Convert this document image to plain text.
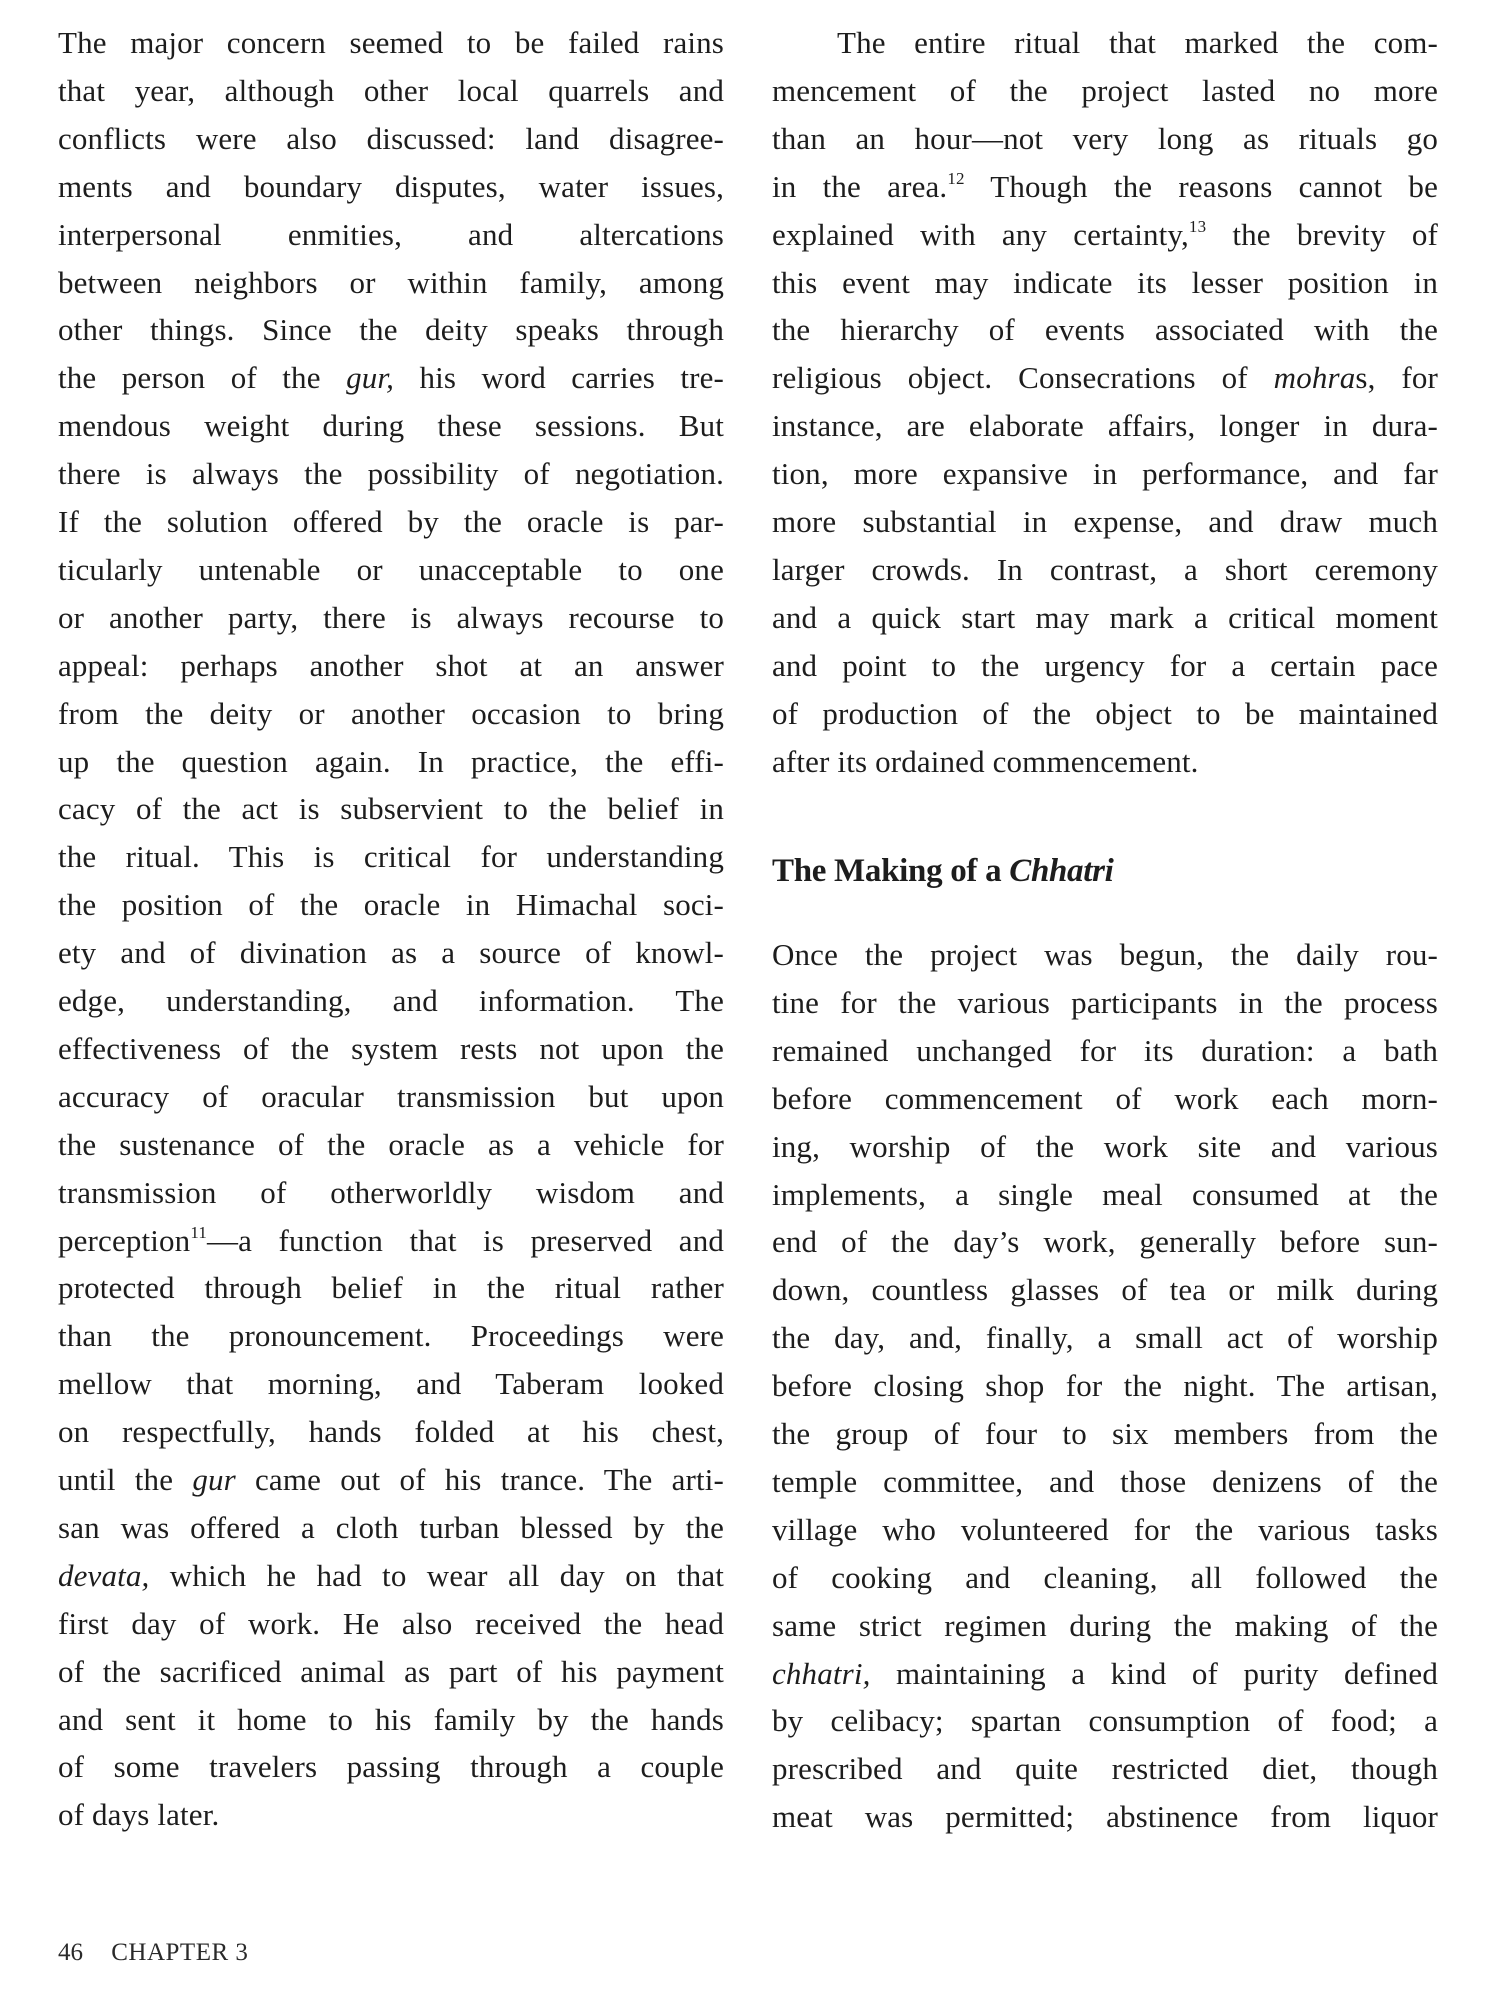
The major concern seemed to be failed rains
that year, although other local quarrels and
conflicts were also discussed: land disagree-
ments and boundary disputes, water issues,
interpersonal enmities, and altercations
between neighbors or within family, among
other things. Since the deity speaks through
the person of the gur, his word carries tre-
mendous weight during these sessions. But
there is always the possibility of negotiation.
If the solution offered by the oracle is par-
ticularly untenable or unacceptable to one
or another party, there is always recourse to
appeal: perhaps another shot at an answer
from the deity or another occasion to bring
up the question again. In practice, the effi-
cacy of the act is subservient to the belief in
the ritual. This is critical for understanding
the position of the oracle in Himachal soci-
ety and of divination as a source of knowl-
edge, understanding, and information. The
effectiveness of the system rests not upon the
accuracy of oracular transmission but upon
the sustenance of the oracle as a vehicle for
transmission of otherworldly wisdom and
perception$^{11}$—a function that is preserved and
protected through belief in the ritual rather
than the pronouncement. Proceedings were
mellow that morning, and Taberam looked
on respectfully, hands folded at his chest,
until the gur came out of his trance. The arti-
san was offered a cloth turban blessed by the
devata, which he had to wear all day on that
first day of work. He also received the head
of the sacrificed animal as part of his payment
and sent it home to his family by the hands
of some travelers passing through a couple
of days later.
The Making of a Chhatri
The entire ritual that marked the com-
mencement of the project lasted no more
than an hour—not very long as rituals go
in the area.$^{12}$ Though the reasons cannot be
explained with any certainty,$^{13}$ the brevity of
this event may indicate its lesser position in
the hierarchy of events associated with the
religious object. Consecrations of mohras, for
instance, are elaborate affairs, longer in dura-
tion, more expansive in performance, and far
more substantial in expense, and draw much
larger crowds. In contrast, a short ceremony
and a quick start may mark a critical moment
and point to the urgency for a certain pace
of production of the object to be maintained
after its ordained commencement.
Once the project was begun, the daily rou-
tine for the various participants in the process
remained unchanged for its duration: a bath
before commencement of work each morn-
ing, worship of the work site and various
implements, a single meal consumed at the
end of the day’s work, generally before sun-
down, countless glasses of tea or milk during
the day, and, finally, a small act of worship
before closing shop for the night. The artisan,
the group of four to six members from the
temple committee, and those denizens of the
village who volunteered for the various tasks
of cooking and cleaning, all followed the
same strict regimen during the making of the
chhatri, maintaining a kind of purity defined
by celibacy; spartan consumption of food; a
prescribed and quite restricted diet, though
meat was permitted; abstinence from liquor
46 CHAPTER 3
